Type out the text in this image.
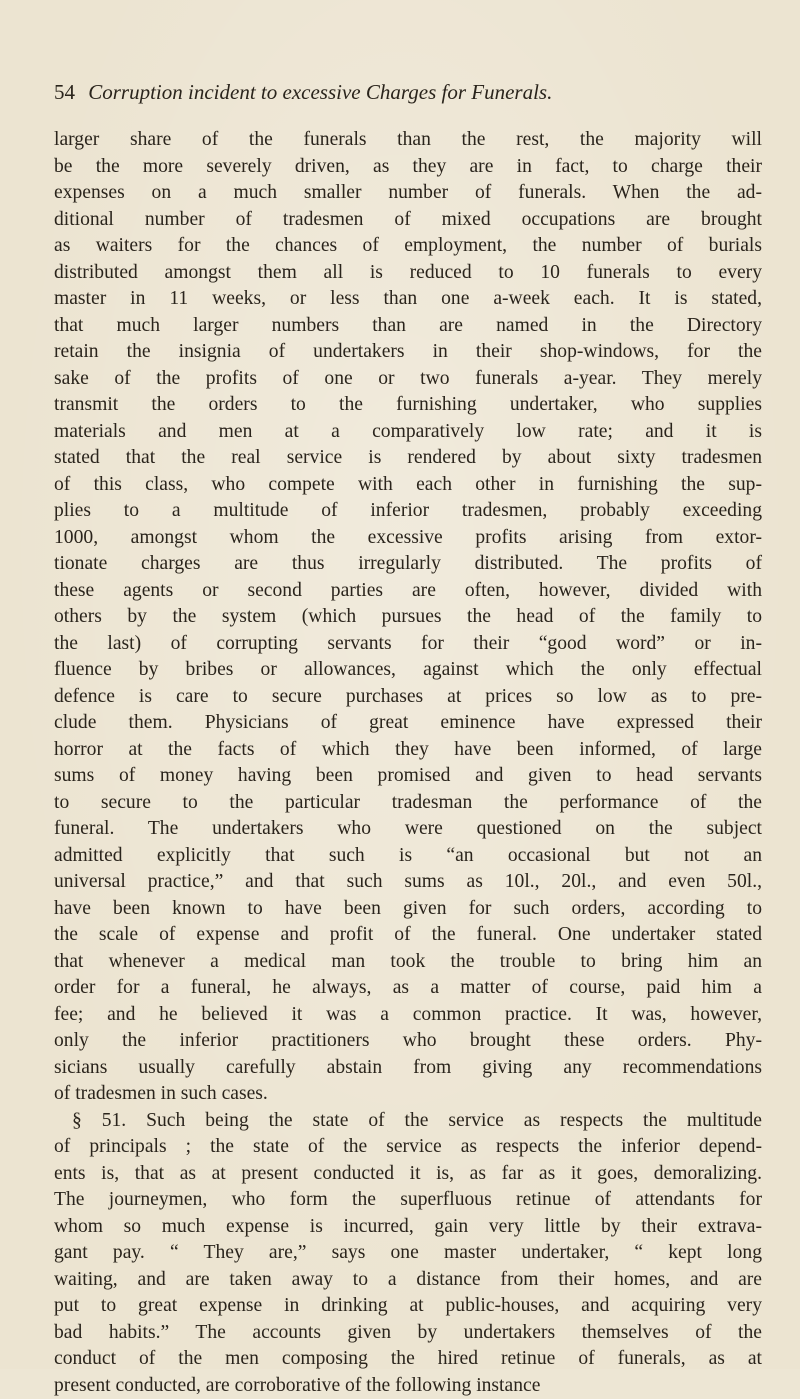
54 Corruption incident to excessive Charges for Funerals.
larger share of the funerals than the rest, the majority will
be the more severely driven, as they are in fact, to charge their
expenses on a much smaller number of funerals. When the ad-
ditional number of tradesmen of mixed occupations are brought
as waiters for the chances of employment, the number of burials
distributed amongst them all is reduced to 10 funerals to every
master in 11 weeks, or less than one a-week each. It is stated,
that much larger numbers than are named in the Directory
retain the insignia of undertakers in their shop-windows, for the
sake of the profits of one or two funerals a-year. They merely
transmit the orders to the furnishing undertaker, who supplies
materials and men at a comparatively low rate; and it is
stated that the real service is rendered by about sixty tradesmen
of this class, who compete with each other in furnishing the sup-
plies to a multitude of inferior tradesmen, probably exceeding
1000, amongst whom the excessive profits arising from extor-
tionate charges are thus irregularly distributed. The profits of
these agents or second parties are often, however, divided with
others by the system (which pursues the head of the family to
the last) of corrupting servants for their “good word” or in-
fluence by bribes or allowances, against which the only effectual
defence is care to secure purchases at prices so low as to pre-
clude them. Physicians of great eminence have expressed their
horror at the facts of which they have been informed, of large
sums of money having been promised and given to head servants
to secure to the particular tradesman the performance of the
funeral. The undertakers who were questioned on the subject
admitted explicitly that such is “an occasional but not an
universal practice,” and that such sums as 10l., 20l., and even 50l.,
have been known to have been given for such orders, according to
the scale of expense and profit of the funeral. One undertaker stated
that whenever a medical man took the trouble to bring him an
order for a funeral, he always, as a matter of course, paid him a
fee; and he believed it was a common practice. It was, however,
only the inferior practitioners who brought these orders. Phy-
sicians usually carefully abstain from giving any recommendations
of tradesmen in such cases.
§ 51. Such being the state of the service as respects the multitude
of principals ; the state of the service as respects the inferior depend-
ents is, that as at present conducted it is, as far as it goes, demoralizing.
The journeymen, who form the superfluous retinue of attendants for
whom so much expense is incurred, gain very little by their extrava-
gant pay. “ They are,” says one master undertaker, “ kept long
waiting, and are taken away to a distance from their homes, and are
put to great expense in drinking at public-houses, and acquiring very
bad habits.” The accounts given by undertakers themselves of the
conduct of the men composing the hired retinue of funerals, as at
present conducted, are corroborative of the following instance
